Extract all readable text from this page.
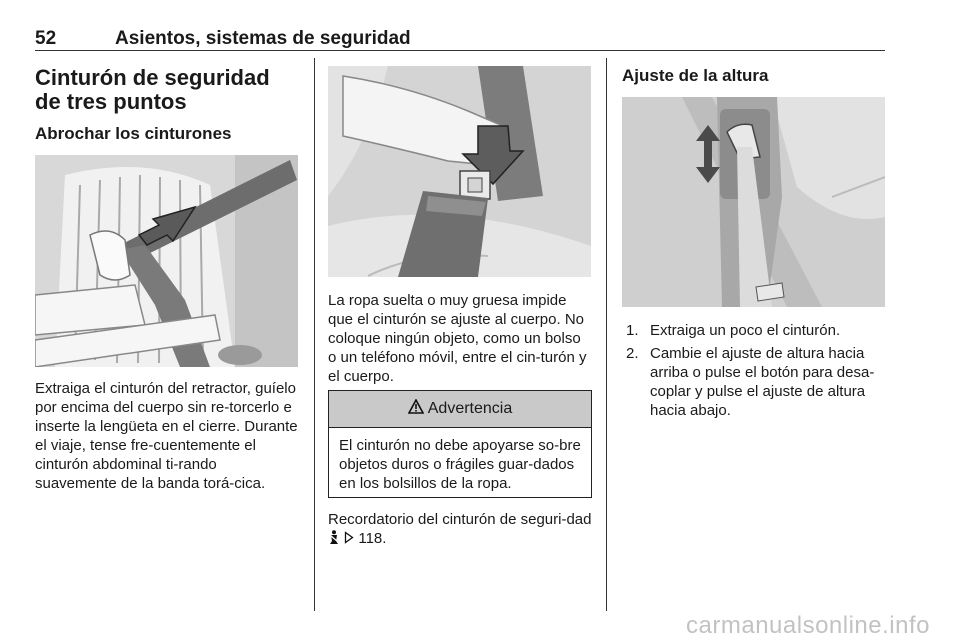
52	Asientos, sistemas de seguridad
Cinturón de seguridad de tres puntos
Abrochar los cinturones

Extraiga el cinturón del retractor, guíelo por encima del cuerpo sin re-torcerlo e inserte la lengüeta en el cierre. Durante el viaje, tense fre-cuentemente el cinturón abdominal ti-rando suavemente de la banda torá-cica.

La ropa suelta o muy gruesa impide que el cinturón se ajuste al cuerpo. No coloque ningún objeto, como un bolso o un teléfono móvil, entre el cin-turón y el cuerpo.

Advertencia
El cinturón no debe apoyarse so-bre objetos duros o frágiles guar-dados en los bolsillos de la ropa.

Recordatorio del cinturón de seguri-dad   118.

Ajuste de la altura
1. Extraiga un poco el cinturón.
2. Cambie el ajuste de altura hacia arriba o pulse el botón para desa-coplar y pulse el ajuste de altura hacia abajo.
carmanualsonline.info
